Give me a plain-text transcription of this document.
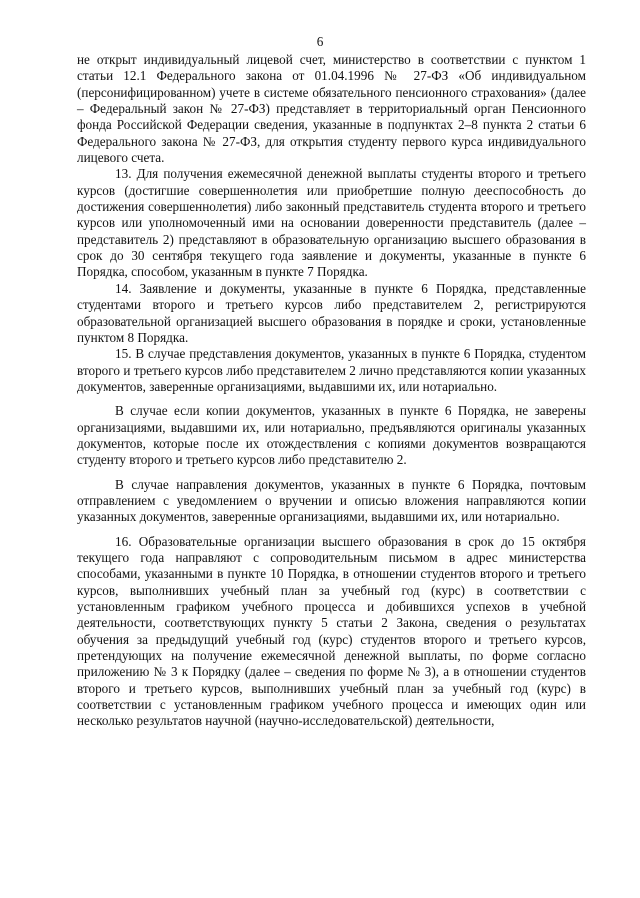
6

не открыт индивидуальный лицевой счет, министерство в соответствии с пунктом 1 статьи 12.1 Федерального закона от 01.04.1996 № 27-ФЗ «Об индивидуальном (персонифицированном) учете в системе обязательного пенсионного страхования» (далее – Федеральный закон № 27-ФЗ) представляет в территориальный орган Пенсионного фонда Российской Федерации сведения, указанные в подпунктах 2–8 пункта 2 статьи 6 Федерального закона № 27-ФЗ, для открытия студенту первого курса индивидуального лицевого счета.

13. Для получения ежемесячной денежной выплаты студенты второго и третьего курсов (достигшие совершеннолетия или приобретшие полную дееспособность до достижения совершеннолетия) либо законный представитель студента второго и третьего курсов или уполномоченный ими на основании доверенности представитель (далее – представитель 2) представляют в образовательную организацию высшего образования в срок до 30 сентября текущего года заявление и документы, указанные в пункте 6 Порядка, способом, указанным в пункте 7 Порядка.

14. Заявление и документы, указанные в пункте 6 Порядка, представленные студентами второго и третьего курсов либо представителем 2, регистрируются образовательной организацией высшего образования в порядке и сроки, установленные пунктом 8 Порядка.

15. В случае представления документов, указанных в пункте 6 Порядка, студентом второго и третьего курсов либо представителем 2 лично представляются копии указанных документов, заверенные организациями, выдавшими их, или нотариально.

В случае если копии документов, указанных в пункте 6 Порядка, не заверены организациями, выдавшими их, или нотариально, предъявляются оригиналы указанных документов, которые после их отождествления с копиями документов возвращаются студенту второго и третьего курсов либо представителю 2.

В случае направления документов, указанных в пункте 6 Порядка, почтовым отправлением с уведомлением о вручении и описью вложения направляются копии указанных документов, заверенные организациями, выдавшими их, или нотариально.

16. Образовательные организации высшего образования в срок до 15 октября текущего года направляют с сопроводительным письмом в адрес министерства способами, указанными в пункте 10 Порядка, в отношении студентов второго и третьего курсов, выполнивших учебный план за учебный год (курс) в соответствии с установленным графиком учебного процесса и добившихся успехов в учебной деятельности, соответствующих пункту 5 статьи 2 Закона, сведения о результатах обучения за предыдущий учебный год (курс) студентов второго и третьего курсов, претендующих на получение ежемесячной денежной выплаты, по форме согласно приложению № 3 к Порядку (далее – сведения по форме № 3), а в отношении студентов второго и третьего курсов, выполнивших учебный план за учебный год (курс) в соответствии с установленным графиком учебного процесса и имеющих один или несколько результатов научной (научно-исследовательской) деятельности,
